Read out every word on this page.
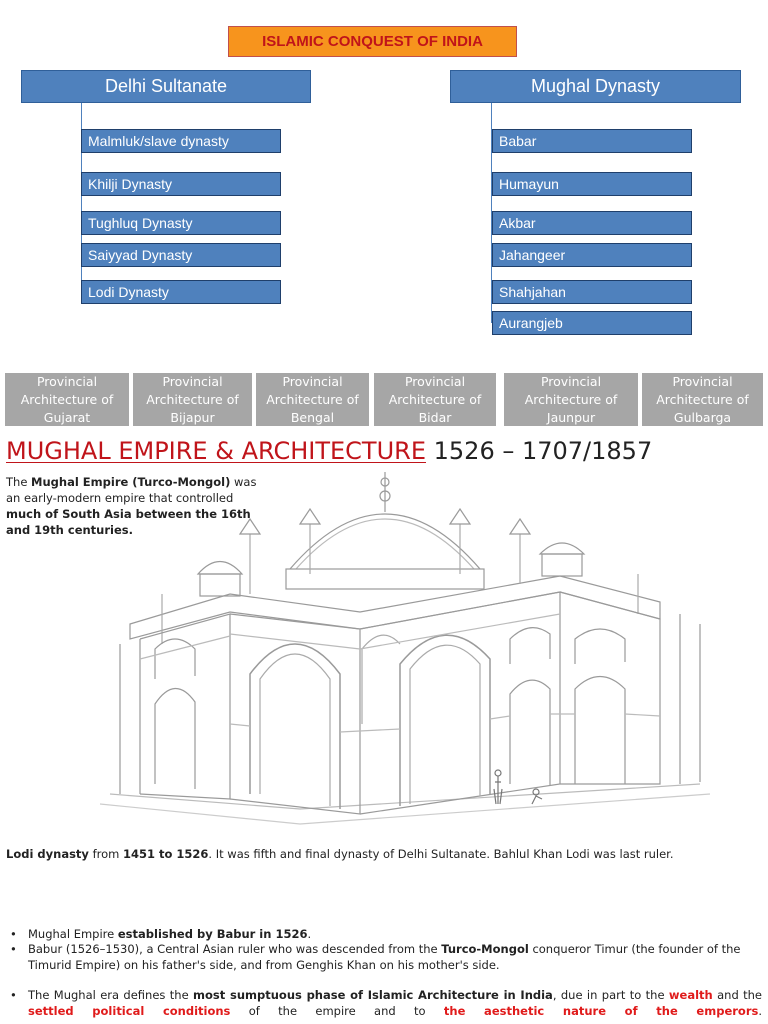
ISLAMIC CONQUEST OF INDIA
Delhi Sultanate
Malmluk/slave dynasty
Khilji Dynasty
Tughluq Dynasty
Saiyyad Dynasty
Lodi Dynasty
Mughal Dynasty
Babar
Humayun
Akbar
Jahangeer
Shahjahan
Aurangjeb
Provincial
Architecture of
Gujarat
Provincial
Architecture of
Bijapur
Provincial
Architecture of
Bengal
Provincial
Architecture of
Bidar
Provincial
Architecture of
Jaunpur
Provincial
Architecture of
Gulbarga
MUGHAL EMPIRE & ARCHITECTURE 1526 – 1707/1857
The Mughal Empire (Turco-Mongol) was an early-modern empire that controlled much of South Asia between the 16th and 19th centuries.
Lodi dynasty from 1451 to 1526. It was fifth and final dynasty of Delhi Sultanate. Bahlul Khan Lodi was last ruler.
• Mughal Empire established by Babur in 1526.
• Babur (1526–1530), a Central Asian ruler who was descended from the Turco-Mongol conqueror Timur (the founder of the Timurid Empire) on his father's side, and from Genghis Khan on his mother's side.
• The Mughal era defines the most sumptuous phase of Islamic Architecture in India, due in part to the wealth and the settled political conditions of the empire and to the aesthetic nature of the emperors.
